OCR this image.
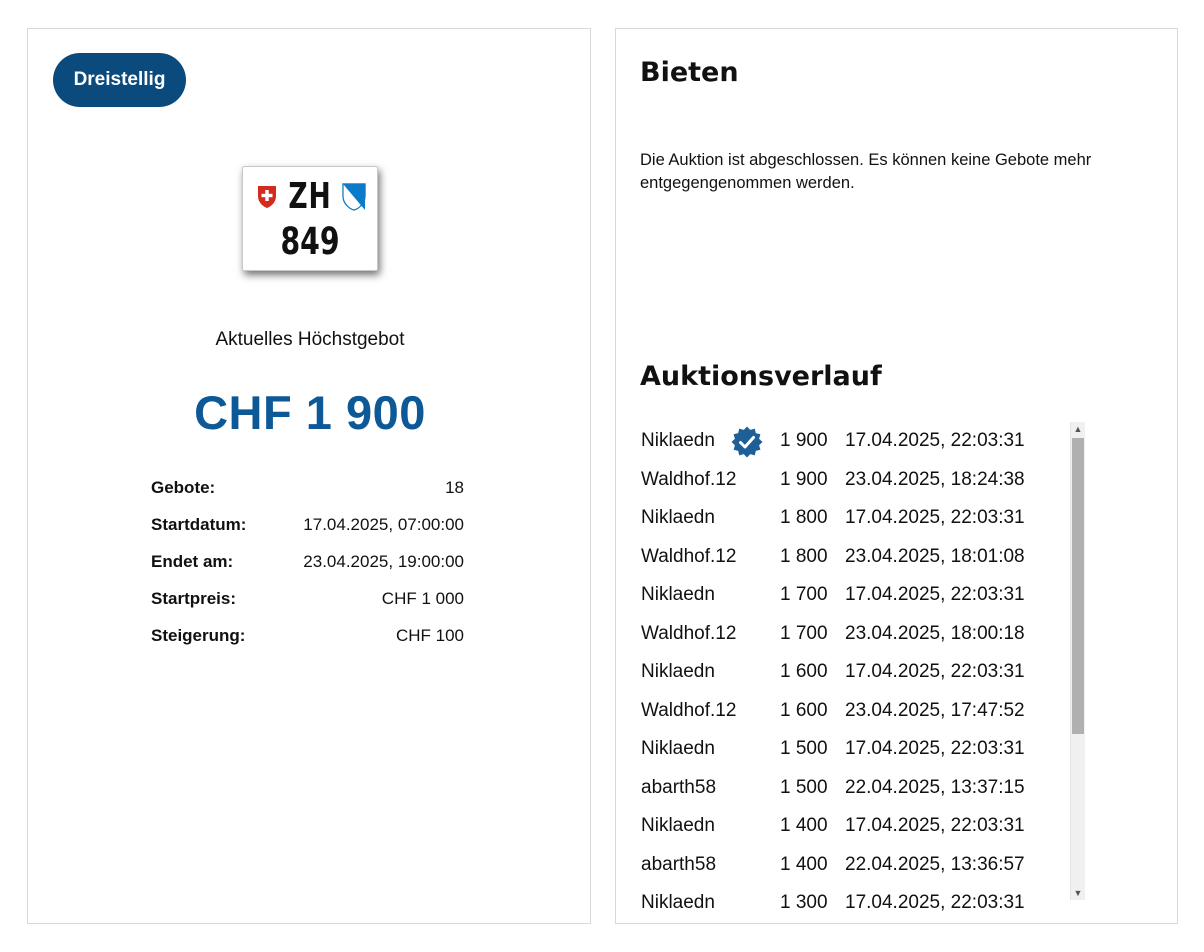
Dreistellig
ZH
849
Aktuelles Höchstgebot
CHF 1 900
Gebote:	18
Startdatum:	17.04.2025, 07:00:00
Endet am:	23.04.2025, 19:00:00
Startpreis:	CHF 1 000
Steigerung:	CHF 100
Bieten
Die Auktion ist abgeschlossen. Es können keine Gebote mehr entgegengenommen werden.
Auktionsverlauf
Niklaedn	1 900 17.04.2025, 22:03:31
Waldhof.12 1 900 23.04.2025, 18:24:38
Niklaedn	1 800 17.04.2025, 22:03:31
Waldhof.12 1 800 23.04.2025, 18:01:08
Niklaedn	1 700 17.04.2025, 22:03:31
Waldhof.12 1 700 23.04.2025, 18:00:18
Niklaedn	1 600 17.04.2025, 22:03:31
Waldhof.12 1 600 23.04.2025, 17:47:52
Niklaedn	1 500 17.04.2025, 22:03:31
abarth58	1 500 22.04.2025, 13:37:15
Niklaedn	1 400 17.04.2025, 22:03:31
abarth58	1 400 22.04.2025, 13:36:57
Niklaedn	1 300 17.04.2025, 22:03:31
▲
▼
